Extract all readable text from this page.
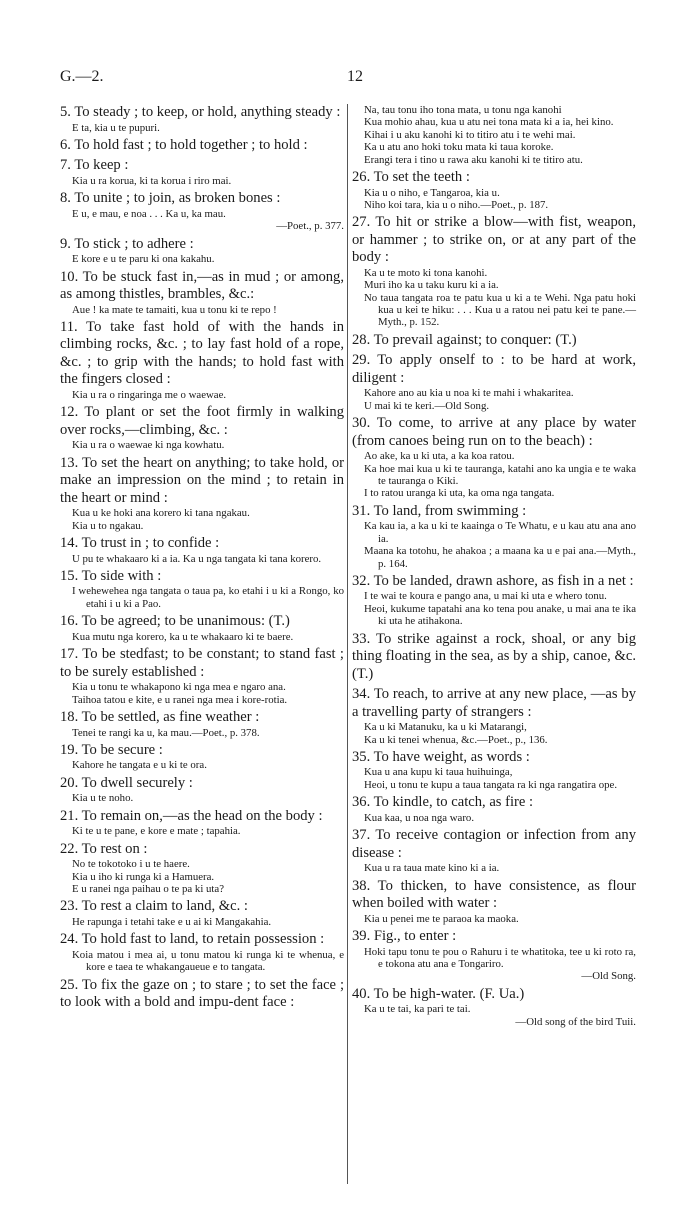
G.—2.	12

5. To steady ; to keep, or hold, anything steady :

E ta, kia u te pupuri.

6. To hold fast ; to hold together ; to hold :

7. To keep :

Kia u ra korua, ki ta korua i riro mai.

8. To unite ; to join, as broken bones :

E u, e mau, e noa . . . Ka u, ka mau.

—Poet., p. 377.

9. To stick ; to adhere :

E kore e u te paru ki ona kakahu.

10. To be stuck fast in,—as in mud ; or among, as among thistles, brambles, &c.:

Aue ! ka mate te tamaiti, kua u tonu ki te repo !

11. To take fast hold of with the hands in climbing rocks, &c. ; to lay fast hold of a rope, &c. ; to grip with the hands; to hold fast with the fingers closed :

Kia u ra o ringaringa me o waewae.

12. To plant or set the foot firmly in walking over rocks,—climbing, &c. :

Kia u ra o waewae ki nga kowhatu.

13. To set the heart on anything; to take hold, or make an impression on the mind ; to retain in the heart or mind :

Kua u ke hoki ana korero ki tana ngakau.

Kia u to ngakau.

14. To trust in ; to confide :

U pu te whakaaro ki a ia. Ka u nga tangata ki tana korero.

15. To side with :

I wehewehea nga tangata o taua pa, ko etahi i u ki a Rongo, ko etahi i u ki a Pao.

16. To be agreed; to be unanimous: (T.)

Kua mutu nga korero, ka u te whakaaro ki te baere.

17. To be stedfast; to be constant; to stand fast ; to be surely established :

Kia u tonu te whakapono ki nga mea e ngaro ana.

Taihoa tatou e kite, e u ranei nga mea i kore-rotia.

18. To be settled, as fine weather :

Tenei te rangi ka u, ka mau.—Poet., p. 378.

19. To be secure :

Kahore he tangata e u ki te ora.

20. To dwell securely :

Kia u te noho.

21. To remain on,—as the head on the body :

Ki te u te pane, e kore e mate ; tapahia.

22. To rest on :

No te tokotoko i u te haere.

Kia u iho ki runga ki a Hamuera.

E u ranei nga paihau o te pa ki uta?

23. To rest a claim to land, &c. :

He rapunga i tetahi take e u ai ki Mangakahia.

24. To hold fast to land, to retain possession :

Koia matou i mea ai, u tonu matou ki runga ki te whenua, e kore e taea te whakangaueue e to tangata.

25. To fix the gaze on ; to stare ; to set the face ; to look with a bold and impu-dent face :

Na, tau tonu iho tona mata, u tonu nga kanohi

Kua mohio ahau, kua u atu nei tona mata ki a ia, hei kino.

Kihai i u aku kanohi ki to titiro atu i te wehi mai.

Ka u atu ano hoki toku mata ki taua koroke.

Erangi tera i tino u rawa aku kanohi ki te titiro atu.

26. To set the teeth :

Kia u o niho, e Tangaroa, kia u.

Niho koi tara, kia u o niho.—Poet., p. 187.

27. To hit or strike a blow—with fist, weapon, or hammer ; to strike on, or at any part of the body :

Ka u te moto ki tona kanohi.

Muri iho ka u taku kuru ki a ia.

No taua tangata roa te patu kua u ki a te Wehi. Nga patu hoki kua u kei te hiku: . . . Kua u a ratou nei patu kei te pane.—Myth., p. 152.

28. To prevail against; to conquer: (T.)

29. To apply onself to : to be hard at work, diligent :

Kahore ano au kia u noa ki te mahi i whakaritea.

U mai ki te keri.—Old Song.

30. To come, to arrive at any place by water (from canoes being run on to the beach) :

Ao ake, ka u ki uta, a ka koa ratou.

Ka hoe mai kua u ki te tauranga, katahi ano ka ungia e te waka te tauranga o Kiki.

I to ratou uranga ki uta, ka oma nga tangata.

31. To land, from swimming :

Ka kau ia, a ka u ki te kaainga o Te Whatu, e u kau atu ana ano ia.

Maana ka totohu, he ahakoa ; a maana ka u e pai ana.—Myth., p. 164.

32. To be landed, drawn ashore, as fish in a net :

I te wai te koura e pango ana, u mai ki uta e whero tonu.

Heoi, kukume tapatahi ana ko tena pou anake, u mai ana te ika ki uta he atihakona.

33. To strike against a rock, shoal, or any big thing floating in the sea, as by a ship, canoe, &c. (T.)

34. To reach, to arrive at any new place, —as by a travelling party of strangers :

Ka u ki Matanuku, ka u ki Matarangi,

Ka u ki tenei whenua, &c.—Poet., p., 136.

35. To have weight, as words :

Kua u ana kupu ki taua huihuinga,

Heoi, u tonu te kupu a taua tangata ra ki nga rangatira ope.

36. To kindle, to catch, as fire :

Kua kaa, u noa nga waro.

37. To receive contagion or infection from any disease :

Kua u ra taua mate kino ki a ia.

38. To thicken, to have consistence, as flour when boiled with water :

Kia u penei me te paraoa ka maoka.

39. Fig., to enter :

Hoki tapu tonu te pou o Rahuru i te whatitoka, tee u ki roto ra, e tokona atu ana e Tongariro.

—Old Song.

40. To be high-water. (F. Ua.)

Ka u te tai, ka pari te tai.

—Old song of the bird Tuii.
